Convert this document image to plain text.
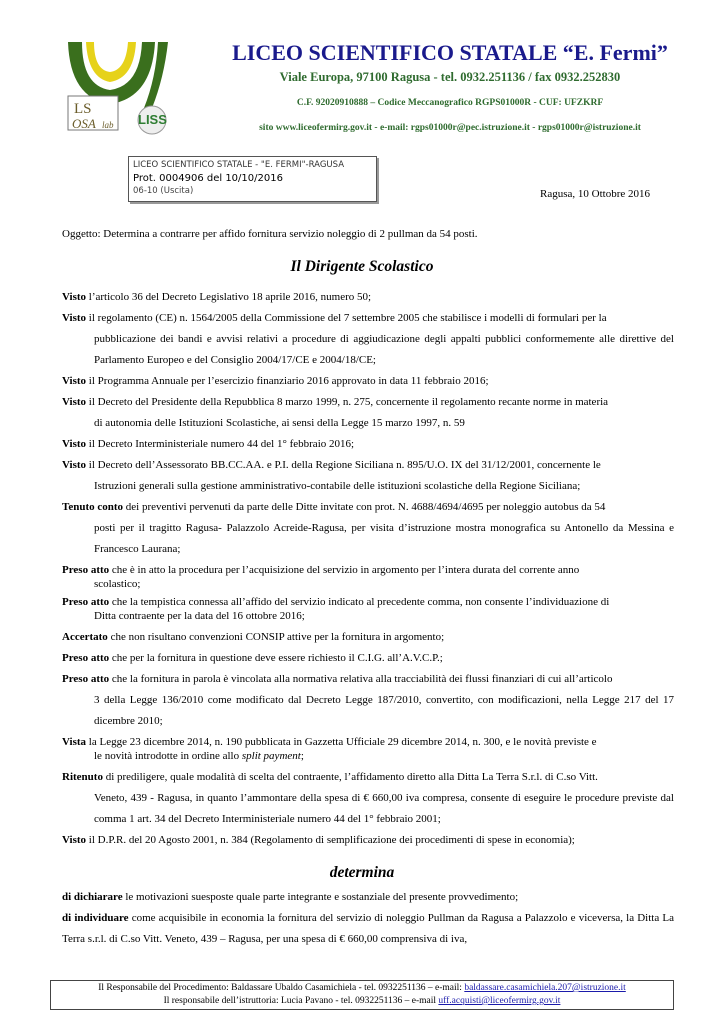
LS
OSA lab LISS
LICEO SCIENTIFICO STATALE “E. Fermi”
Viale Europa, 97100 Ragusa - tel. 0932.251136 / fax 0932.252830
C.F. 92020910888 – Codice Meccanografico RGPS01000R - CUF: UFZKRF
sito www.liceofermirg.gov.it - e-mail: rgps01000r@pec.istruzione.it - rgps01000r@istruzione.it
LICEO SCIENTIFICO STATALE - "E. FERMI"-RAGUSA
Prot. 0004906 del 10/10/2016
06-10 (Uscita)	Ragusa, 10 Ottobre 2016
Oggetto: Determina a contrarre per affido fornitura servizio noleggio di 2 pullman da 54 posti.
Il Dirigente Scolastico
Visto l’articolo 36 del Decreto Legislativo 18 aprile 2016, numero 50;
Visto il regolamento (CE) n. 1564/2005 della Commissione del 7 settembre 2005 che stabilisce i modelli di formulari per la
pubblicazione dei bandi e avvisi relativi a procedure di aggiudicazione degli appalti pubblici conformemente alle direttive del Parlamento Europeo e del Consiglio 2004/17/CE e 2004/18/CE;
Visto il Programma Annuale per l’esercizio finanziario 2016 approvato in data 11 febbraio 2016;
Visto il Decreto del Presidente della Repubblica 8 marzo 1999, n. 275, concernente il regolamento recante norme in materia
di autonomia delle Istituzioni Scolastiche, ai sensi della Legge 15 marzo 1997, n. 59
Visto il Decreto Interministeriale numero 44 del 1° febbraio 2016;
Visto il Decreto dell’Assessorato BB.CC.AA. e P.I. della Regione Siciliana n. 895/U.O. IX del 31/12/2001, concernente le
Istruzioni generali sulla gestione amministrativo-contabile delle istituzioni scolastiche della Regione Siciliana;
Tenuto conto dei preventivi pervenuti da parte delle Ditte invitate con prot. N. 4688/4694/4695 per noleggio autobus da 54
posti per il tragitto Ragusa- Palazzolo Acreide-Ragusa, per visita d’istruzione mostra monografica su Antonello da Messina e Francesco Laurana;
Preso atto che è in atto la procedura per l’acquisizione del servizio in argomento per l’intera durata del corrente anno
scolastico;
Preso atto che la tempistica connessa all’affido del servizio indicato al precedente comma, non consente l’individuazione di
Ditta contraente per la data del 16 ottobre 2016;
Accertato che non risultano convenzioni CONSIP attive per la fornitura in argomento;
Preso atto che per la fornitura in questione deve essere richiesto il C.I.G. all’A.V.C.P.;
Preso atto che la fornitura in parola è vincolata alla normativa relativa alla tracciabilità dei flussi finanziari di cui all’articolo
3 della Legge 136/2010 come modificato dal Decreto Legge 187/2010, convertito, con modificazioni, nella Legge 217 del 17 dicembre 2010;
Vista la Legge 23 dicembre 2014, n. 190 pubblicata in Gazzetta Ufficiale 29 dicembre 2014, n. 300, e le novità previste e
le novità introdotte in ordine allo split payment;
Ritenuto di prediligere, quale modalità di scelta del contraente, l’affidamento diretto alla Ditta La Terra S.r.l. di C.so Vitt.
Veneto, 439 - Ragusa, in quanto l’ammontare della spesa di € 660,00 iva compresa, consente di eseguire le procedure previste dal comma 1 art. 34 del Decreto Interministeriale numero 44 del 1° febbraio 2001;
Visto il D.P.R. del 20 Agosto 2001, n. 384 (Regolamento di semplificazione dei procedimenti di spese in economia);
determina
di dichiarare le motivazioni suesposte quale parte integrante e sostanziale del presente provvedimento;
di individuare come acquisibile in economia la fornitura del servizio di noleggio Pullman da Ragusa a Palazzolo e viceversa, la Ditta La Terra s.r.l. di C.so Vitt. Veneto, 439 – Ragusa, per una spesa di € 660,00 comprensiva di iva,
Il Responsabile del Procedimento: Baldassare Ubaldo Casamichiela - tel. 0932251136 – e-mail: baldassare.casamichiela.207@istruzione.it
Il responsabile dell’istruttoria: Lucia Pavano - tel. 0932251136 – e-mail uff.acquisti@liceofermirg.gov.it
